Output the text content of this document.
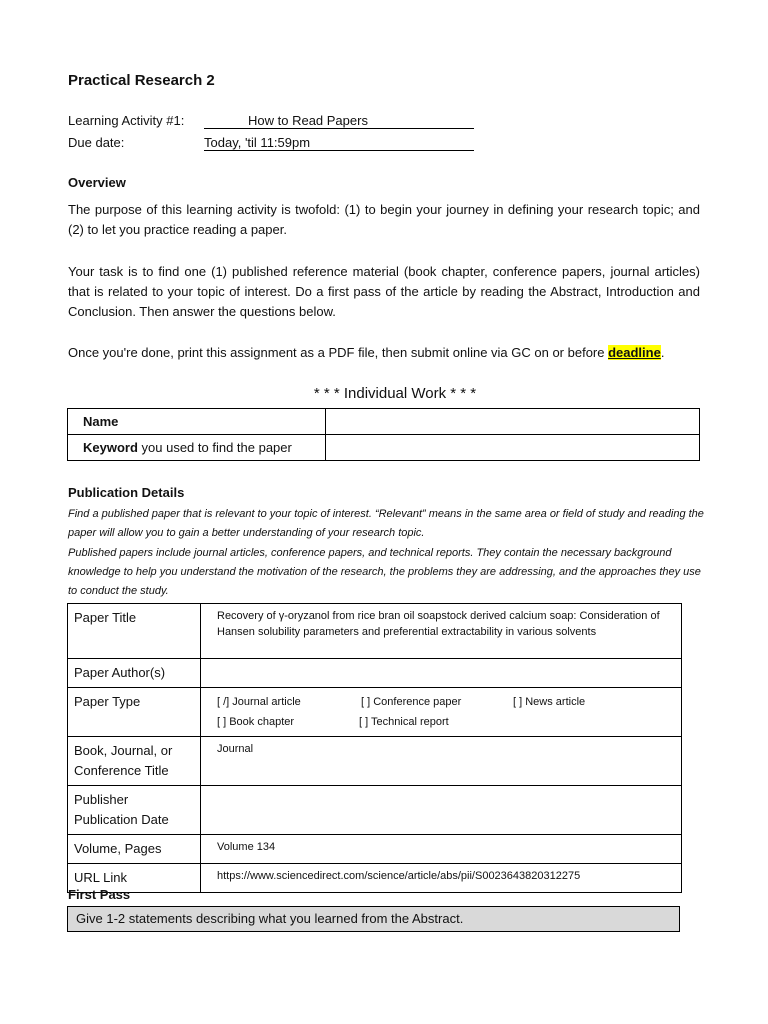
Practical Research 2
Learning Activity #1:	How to Read Papers
Due date:	Today, 'til 11:59pm
Overview
The purpose of this learning activity is twofold: (1) to begin your journey in defining your research topic; and (2) to let you practice reading a paper.
Your task is to find one (1) published reference material (book chapter, conference papers, journal articles) that is related to your topic of interest. Do a first pass of the article by reading the Abstract, Introduction and Conclusion. Then answer the questions below.
Once you're done, print this assignment as a PDF file, then submit online via GC on or before deadline.
* * * Individual Work * * *
Name	
Keyword you used to find the paper	
Publication Details
Find a published paper that is relevant to your topic of interest. “Relevant” means in the same area or field of study and reading the paper will allow you to gain a better understanding of your research topic.
Published papers include journal articles, conference papers, and technical reports. They contain the necessary background knowledge to help you understand the motivation of the research, the problems they are addressing, and the approaches they use to conduct the study.
Paper Title	Recovery of γ-oryzanol from rice bran oil soapstock derived calcium soap: Consideration of Hansen solubility parameters and preferential extractability in various solvents
Paper Author(s)	
Paper Type	[ /] Journal article [ ] Conference paper [ ] News article
[ ] Book chapter [ ] Technical report

Book, Journal, or Conference Title	Journal
Publisher Publication Date	
Volume, Pages	Volume 134
URL Link	https://www.sciencedirect.com/science/article/abs/pii/S0023643820312275
First Pass
Give 1-2 statements describing what you learned from the Abstract.
